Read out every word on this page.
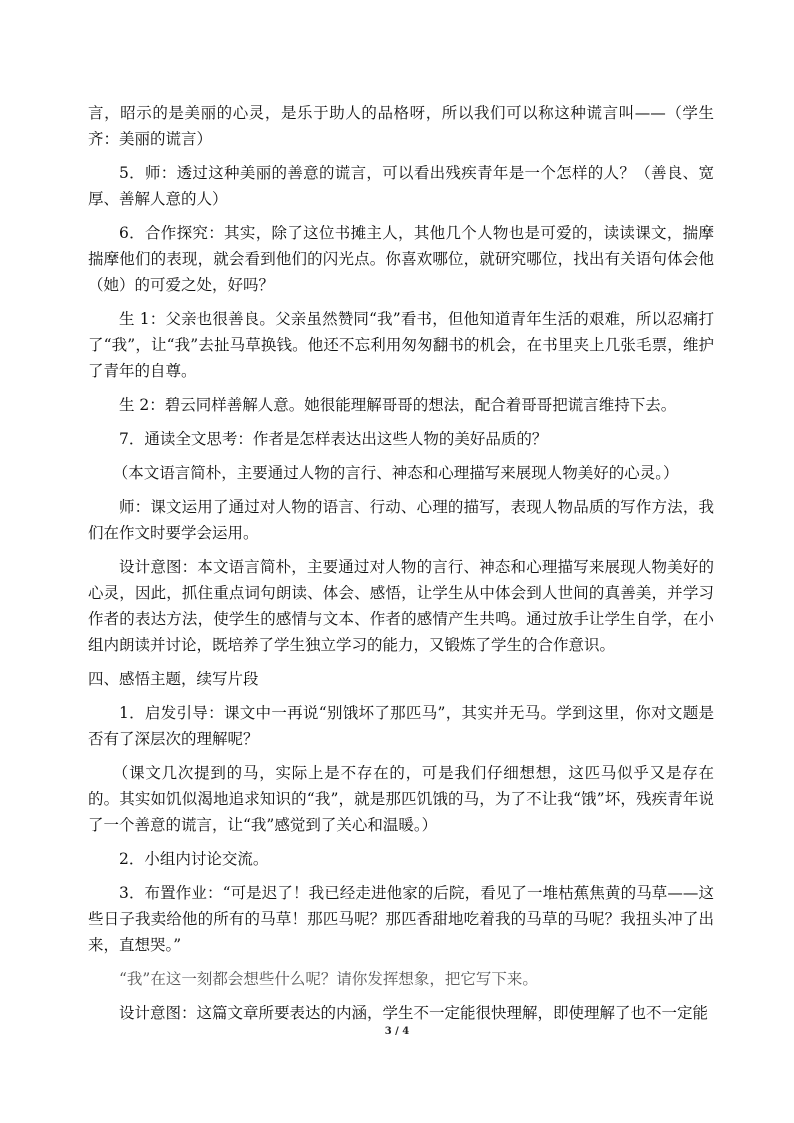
言，昭示的是美丽的心灵，是乐于助人的品格呀，所以我们可以称这种谎言叫——（学生齐：美丽的谎言）

5．师：透过这种美丽的善意的谎言，可以看出残疾青年是一个怎样的人？（善良、宽厚、善解人意的人）

6．合作探究：其实，除了这位书摊主人，其他几个人物也是可爱的，读读课文，揣摩揣摩他们的表现，就会看到他们的闪光点。你喜欢哪位，就研究哪位，找出有关语句体会他（她）的可爱之处，好吗？

生 1：父亲也很善良。父亲虽然赞同“我”看书，但他知道青年生活的艰难，所以忍痛打了“我”，让“我”去扯马草换钱。他还不忘利用匆匆翻书的机会，在书里夹上几张毛票，维护了青年的自尊。

生 2：碧云同样善解人意。她很能理解哥哥的想法，配合着哥哥把谎言维持下去。

7．通读全文思考：作者是怎样表达出这些人物的美好品质的？

（本文语言简朴，主要通过人物的言行、神态和心理描写来展现人物美好的心灵。）

师：课文运用了通过对人物的语言、行动、心理的描写，表现人物品质的写作方法，我们在作文时要学会运用。

设计意图：本文语言简朴，主要通过对人物的言行、神态和心理描写来展现人物美好的心灵，因此，抓住重点词句朗读、体会、感悟，让学生从中体会到人世间的真善美，并学习作者的表达方法，使学生的感情与文本、作者的感情产生共鸣。通过放手让学生自学，在小组内朗读并讨论，既培养了学生独立学习的能力，又锻炼了学生的合作意识。

四、感悟主题，续写片段

1．启发引导：课文中一再说“别饿坏了那匹马”，其实并无马。学到这里，你对文题是否有了深层次的理解呢？

（课文几次提到的马，实际上是不存在的，可是我们仔细想想，这匹马似乎又是存在的。其实如饥似渴地追求知识的“我”，就是那匹饥饿的马，为了不让我“饿”坏，残疾青年说了一个善意的谎言，让“我”感觉到了关心和温暖。）

2．小组内讨论交流。

3．布置作业：“可是迟了！我已经走进他家的后院，看见了一堆枯蕉焦黄的马草——这些日子我卖给他的所有的马草！那匹马呢？那匹香甜地吃着我的马草的马呢？我扭头冲了出来，直想哭。”

“我”在这一刻都会想些什么呢？请你发挥想象，把它写下来。

设计意图：这篇文章所要表达的内涵，学生不一定能很快理解，即使理解了也不一定能

3 / 4
